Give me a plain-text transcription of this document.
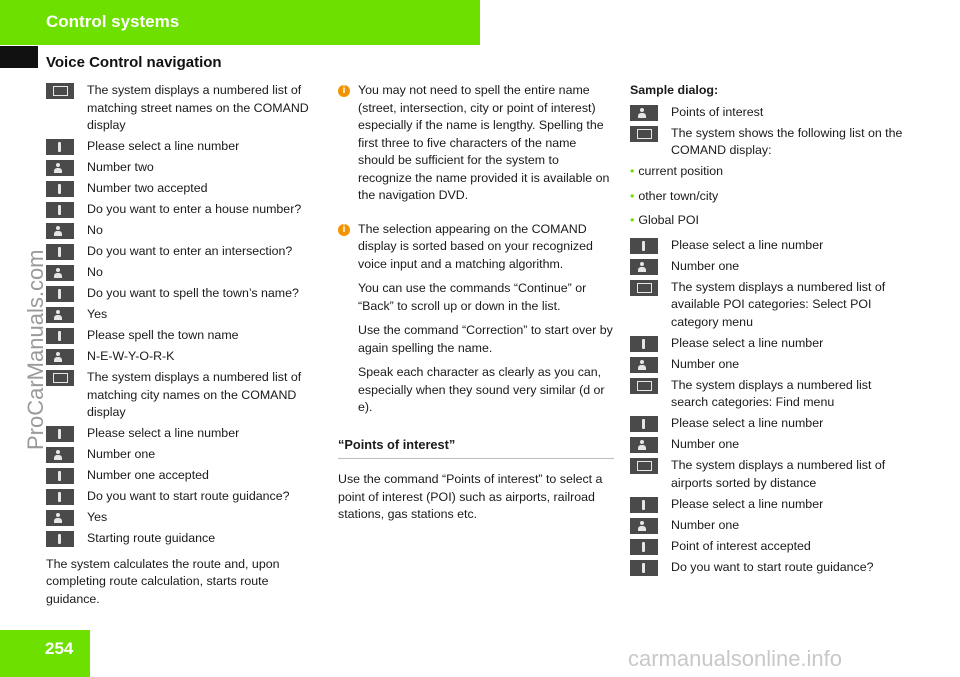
Control systems
Voice Control navigation
The system displays a numbered list of matching street names on the COMAND display
Please select a line number
Number two
Number two accepted
Do you want to enter a house number?
No
Do you want to enter an intersection?
No
Do you want to spell the town’s name?
Yes
Please spell the town name
N-E-W-Y-O-R-K
The system displays a numbered list of matching city names on the COMAND display
Please select a line number
Number one
Number one accepted
Do you want to start route guidance?
Yes
Starting route guidance

The system calculates the route and, upon completing route calculation, starts route guidance.

i	You may not need to spell the entire name (street, intersection, city or point of interest) especially if the name is lengthy. Spelling the first three to five characters of the name should be sufficient for the system to recognize the name provided it is available on the navigation DVD.

i	The selection appearing on the COMAND display is sorted based on your recognized voice input and a matching algorithm.

You can use the commands “Continue” or “Back” to scroll up or down in the list.

Use the command “Correction” to start over by again spelling the name.

Speak each character as clearly as you can, especially when they sound very similar (d or e).

“Points of interest”
Use the command “Points of interest” to select a point of interest (POI) such as airports, railroad stations, gas stations etc.
Sample dialog:
Points of interest
The system shows the following list on the COMAND display:
• current position
• other town/city
• Global POI
Please select a line number
Number one
The system displays a numbered list of available POI categories: Select POI category menu
Please select a line number
Number one
The system displays a numbered list search categories: Find menu
Please select a line number
Number one
The system displays a numbered list of airports sorted by distance
Please select a line number
Number one
Point of interest accepted
Do you want to start route guidance?
254
ProCarManuals.com
carmanualsonline.info
